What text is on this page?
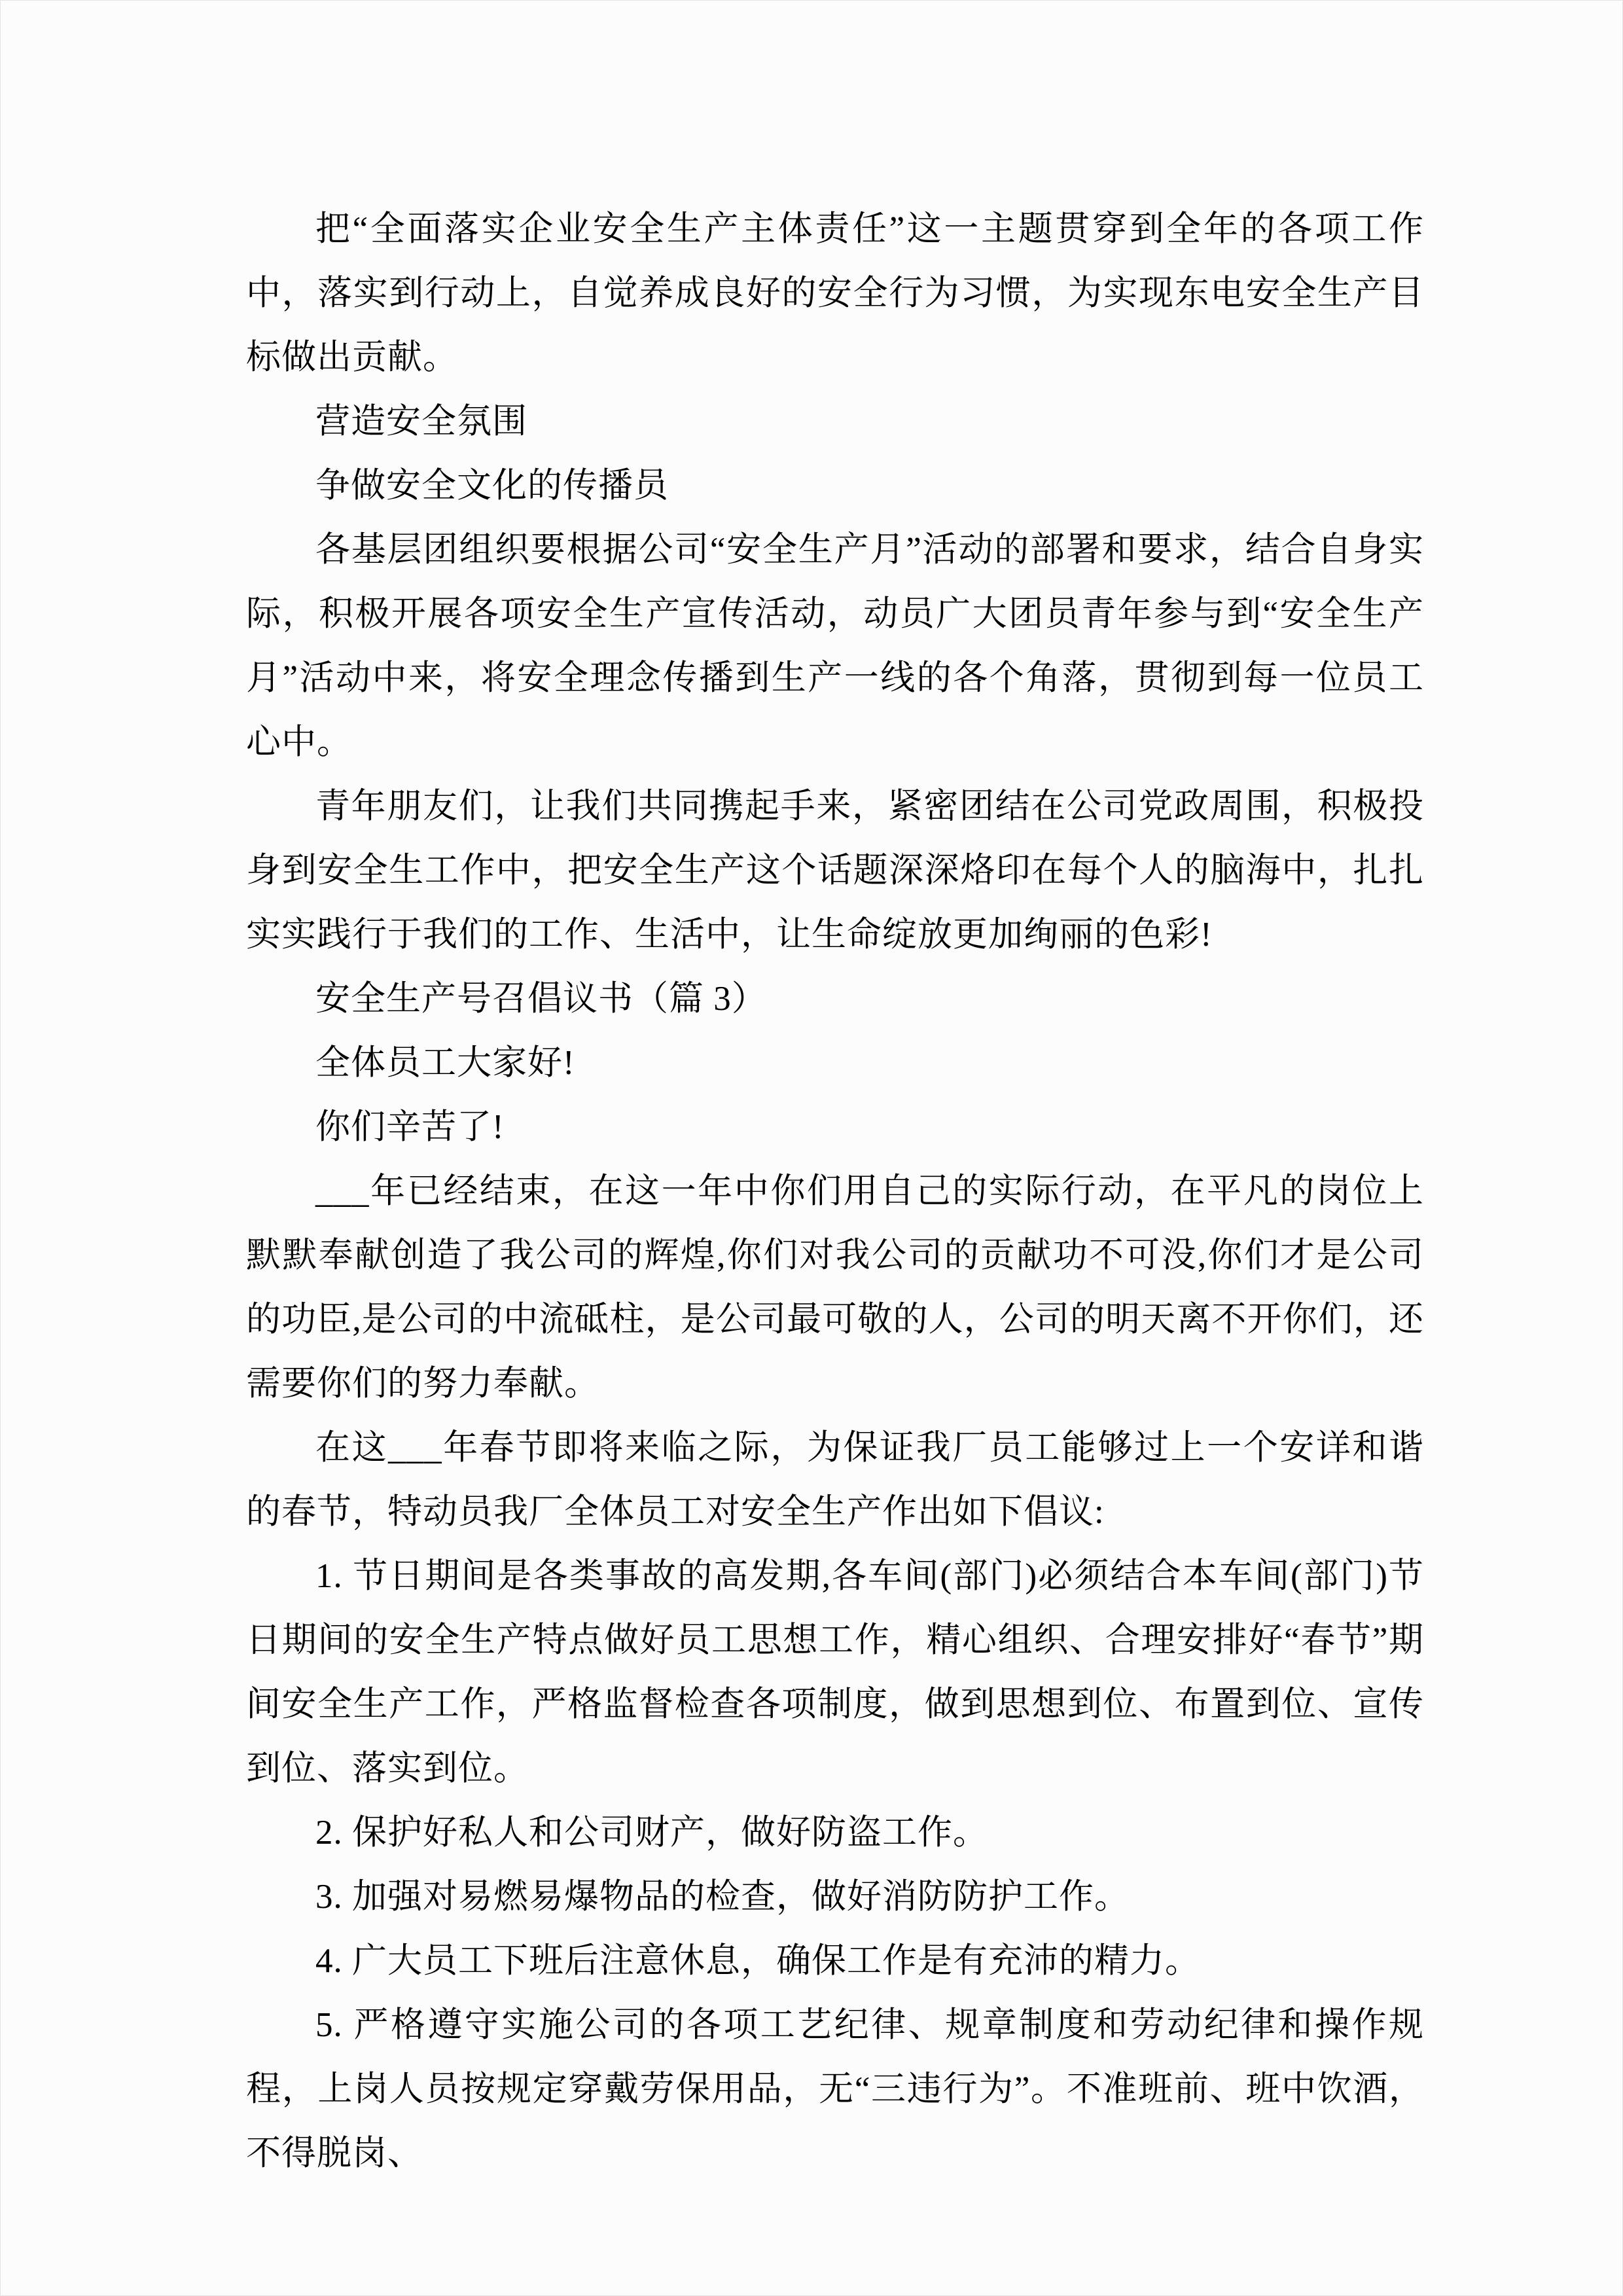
把“全面落实企业安全生产主体责任”这一主题贯穿到全年的各项工作中，落实到行动上，自觉养成良好的安全行为习惯，为实现东电安全生产目标做出贡献。

营造安全氛围

争做安全文化的传播员

各基层团组织要根据公司“安全生产月”活动的部署和要求，结合自身实际，积极开展各项安全生产宣传活动，动员广大团员青年参与到“安全生产月”活动中来，将安全理念传播到生产一线的各个角落，贯彻到每一位员工心中。

青年朋友们，让我们共同携起手来，紧密团结在公司党政周围，积极投身到安全生工作中，把安全生产这个话题深深烙印在每个人的脑海中，扎扎实实践行于我们的工作、生活中，让生命绽放更加绚丽的色彩!

安全生产号召倡议书（篇 3）

全体员工大家好!

你们辛苦了!

___年已经结束，在这一年中你们用自己的实际行动，在平凡的岗位上默默奉献创造了我公司的辉煌,你们对我公司的贡献功不可没,你们才是公司的功臣,是公司的中流砥柱，是公司最可敬的人，公司的明天离不开你们，还需要你们的努力奉献。

在这___年春节即将来临之际，为保证我厂员工能够过上一个安详和谐的春节，特动员我厂全体员工对安全生产作出如下倡议:

1. 节日期间是各类事故的高发期,各车间(部门)必须结合本车间(部门)节日期间的安全生产特点做好员工思想工作，精心组织、合理安排好“春节”期间安全生产工作，严格监督检查各项制度，做到思想到位、布置到位、宣传到位、落实到位。

2. 保护好私人和公司财产，做好防盗工作。

3. 加强对易燃易爆物品的检查，做好消防防护工作。

4. 广大员工下班后注意休息，确保工作是有充沛的精力。

5. 严格遵守实施公司的各项工艺纪律、规章制度和劳动纪律和操作规程，上岗人员按规定穿戴劳保用品，无“三违行为”。不准班前、班中饮酒，不得脱岗、
